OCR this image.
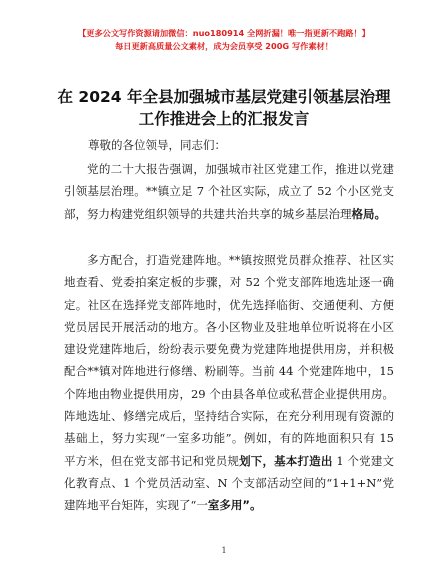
【更多公文写作资源请加微信：nuo180914 全网折漏！唯一指更新不跑路！】
每日更新高质量公文素材，成为会员享受 200G 写作素材！
在 2024 年全县加强城市基层党建引领基层治理
工作推进会上的汇报发言
尊敬的各位领导，同志们：

党的二十大报告强调，加强城市社区党建工作，推进以党建引领基层治理。**镇立足 7 个社区实际，成立了 52 个小区党支部，努力构建党组织领导的共建共治共享的城乡基层治理格局。

多方配合，打造党建阵地。**镇按照党员群众推荐、社区实地查看、党委拍案定板的步骤，对 52 个党支部阵地选址逐一确定。社区在选择党支部阵地时，优先选择临街、交通便利、方便党员居民开展活动的地方。各小区物业及驻地单位听说将在小区建设党建阵地后，纷纷表示要免费为党建阵地提供用房，并积极配合**镇对阵地进行修缮、粉刷等。当前 44 个党建阵地中，15 个阵地由物业提供用房，29 个由县各单位或私营企业提供用房。阵地选址、修缮完成后，坚持结合实际，在充分利用现有资源的基础上，努力实现“一室多功能”。例如，有的阵地面积只有 15 平方米，但在党支部书记和党员规划下，基本打造出 1 个党建文化教育点、1 个党员活动室、N 个支部活动空间的“1+1+N”党建阵地平台矩阵，实现了“一室多用”。

1
